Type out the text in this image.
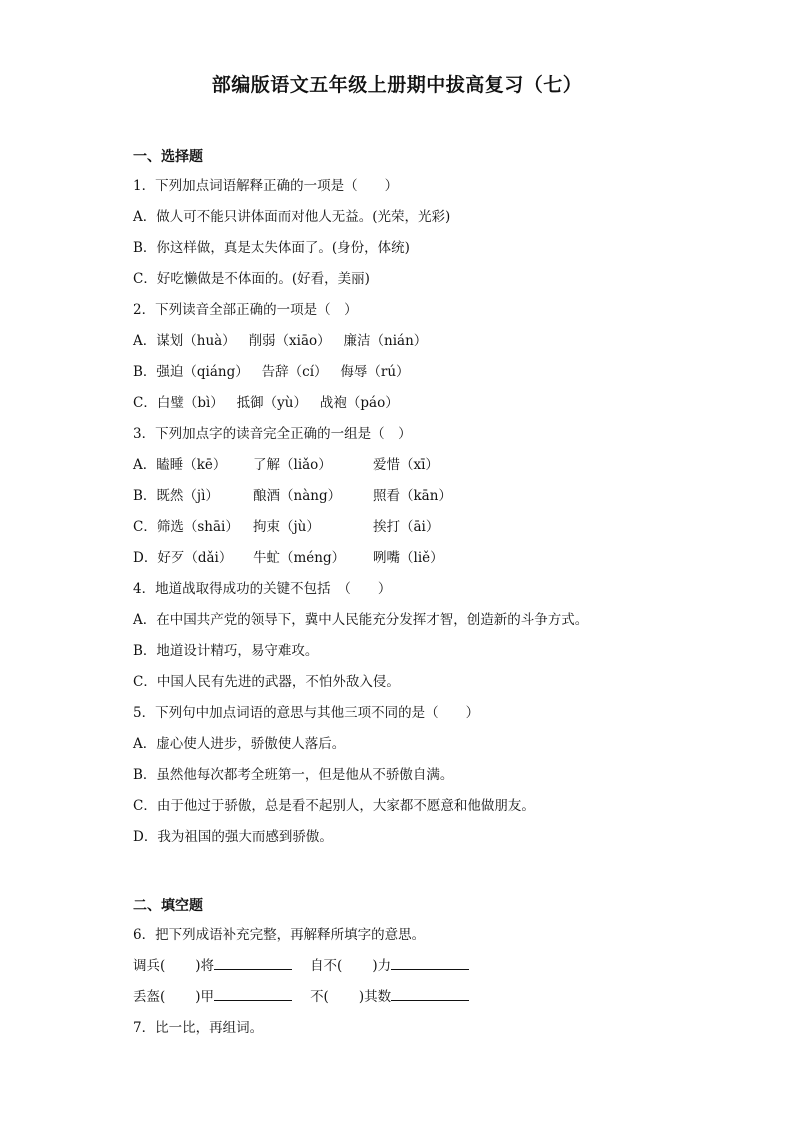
部编版语文五年级上册期中拔高复习（七）
一、选择题
1．下列加点词语解释正确的一项是（　　）
A．做人可不能只讲体面而对他人无益。(光荣，光彩)
B．你这样做，真是太失体面了。(身份，体统)
C．好吃懒做是不体面的。(好看，美丽)
2．下列读音全部正确的一项是（　）
A．谋划（huà） 削弱（xiāo） 廉洁（nián）
B．强迫（qiáng） 告辞（cí） 侮辱（rú）
C．白璧（bì） 抵御（yù） 战袍（páo）
3．下列加点字的读音完全正确的一组是（　）
A．瞌睡（kē） 了解（liǎo）	爱惜（xī）
B．既然（jì）	酿酒（nàng） 照看（kān）
C．筛选（shāi） 拘束（jù）	挨打（āi）
D．好歹（dǎi） 牛虻（méng） 咧嘴（liě）
4．地道战取得成功的关键不包括　（　　）
A．在中国共产党的领导下，冀中人民能充分发挥才智，创造新的斗争方式。
B．地道设计精巧，易守难攻。
C．中国人民有先进的武器，不怕外敌入侵。
5．下列句中加点词语的意思与其他三项不同的是（　　）
A．虚心使人进步，骄傲使人落后。
B．虽然他每次都考全班第一，但是他从不骄傲自满。
C．由于他过于骄傲，总是看不起别人，大家都不愿意和他做朋友。
D．我为祖国的强大而感到骄傲。
二、填空题
6．把下列成语补充完整，再解释所填字的意思。
调兵( )将	自不( )力
丢盔( )甲	不( )其数
7．比一比，再组词。
